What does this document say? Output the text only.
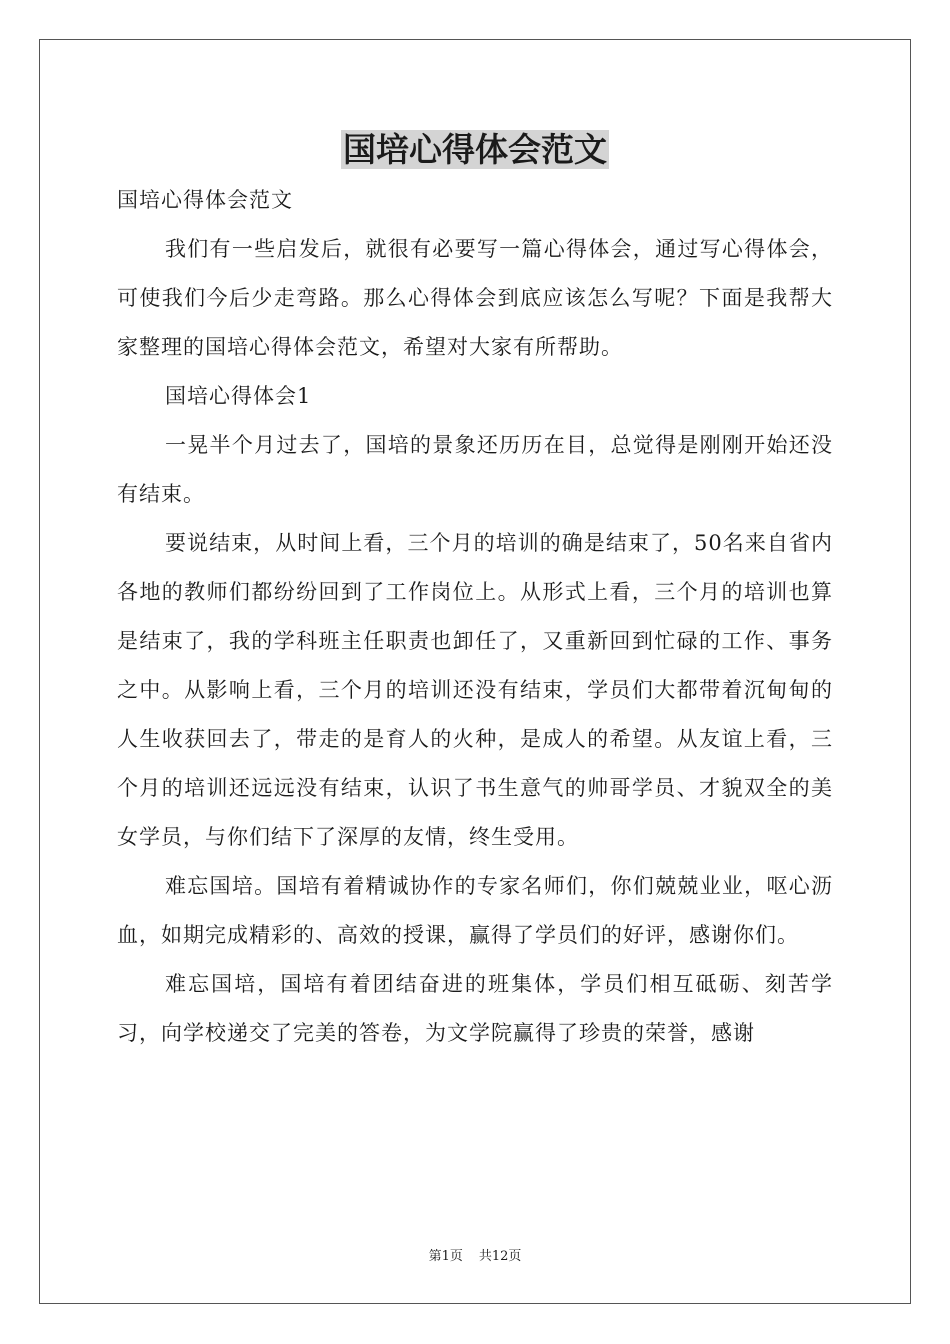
国培心得体会范文

国培心得体会范文

我们有一些启发后，就很有必要写一篇心得体会，通过写心得体会，可使我们今后少走弯路。那么心得体会到底应该怎么写呢？下面是我帮大家整理的国培心得体会范文，希望对大家有所帮助。

国培心得体会1

一晃半个月过去了，国培的景象还历历在目，总觉得是刚刚开始还没有结束。

要说结束，从时间上看，三个月的培训的确是结束了，50名来自省内各地的教师们都纷纷回到了工作岗位上。从形式上看，三个月的培训也算是结束了，我的学科班主任职责也卸任了，又重新回到忙碌的工作、事务之中。从影响上看，三个月的培训还没有结束，学员们大都带着沉甸甸的人生收获回去了，带走的是育人的火种，是成人的希望。从友谊上看，三个月的培训还远远没有结束，认识了书生意气的帅哥学员、才貌双全的美女学员，与你们结下了深厚的友情，终生受用。

难忘国培。国培有着精诚协作的专家名师们，你们兢兢业业，呕心沥血，如期完成精彩的、高效的授课，赢得了学员们的好评，感谢你们。

难忘国培，国培有着团结奋进的班集体，学员们相互砥砺、刻苦学习，向学校递交了完美的答卷，为文学院赢得了珍贵的荣誉，感谢

第1页 共12页
